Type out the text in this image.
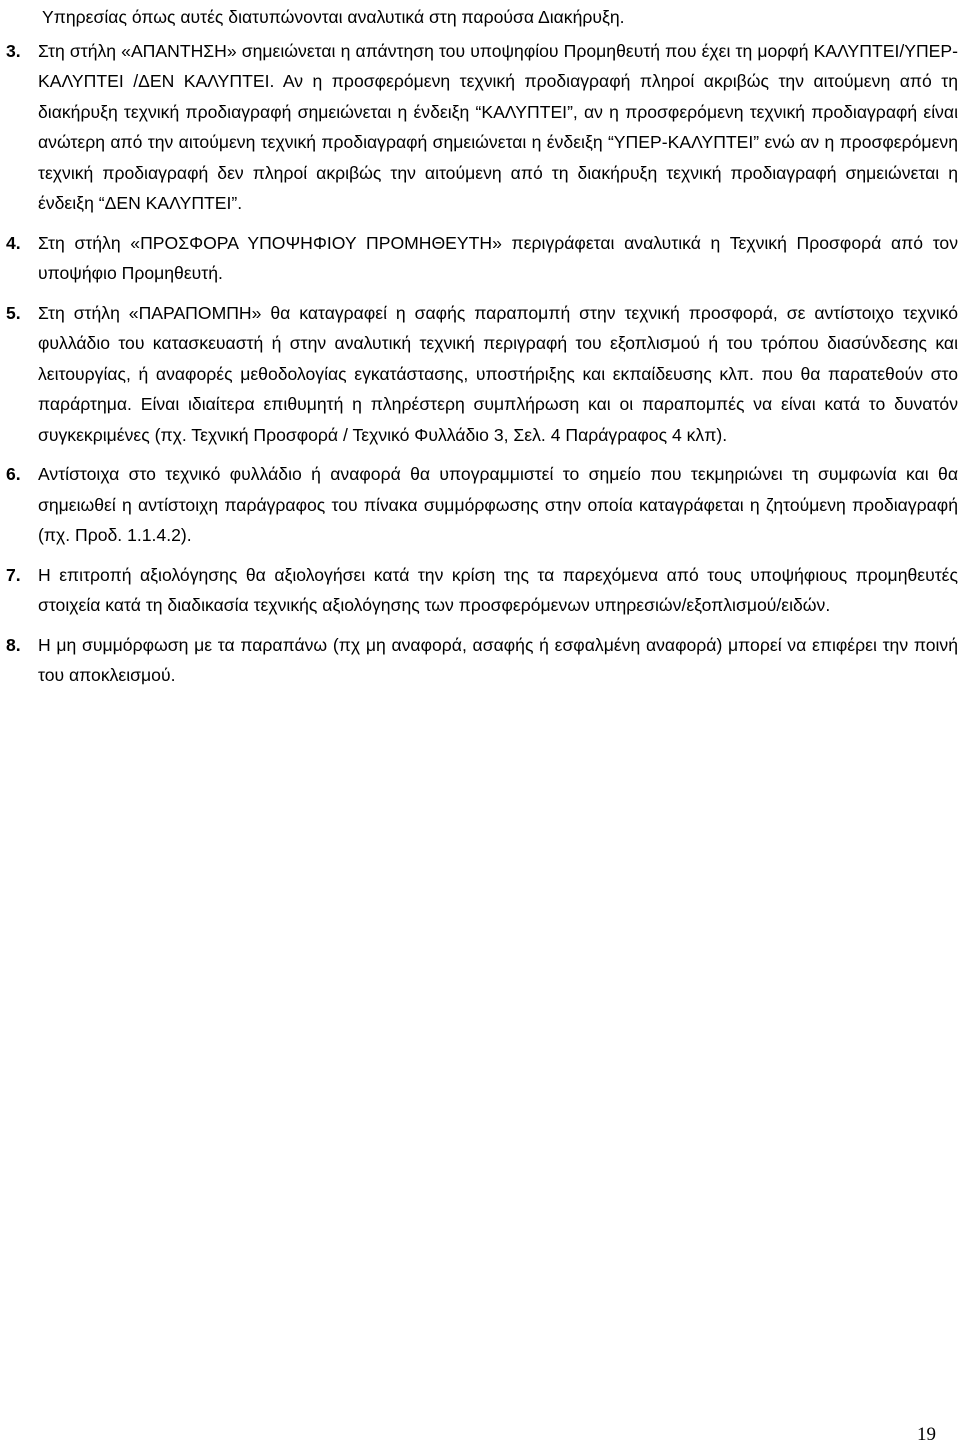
Υπηρεσίας όπως αυτές διατυπώνονται αναλυτικά στη παρούσα Διακήρυξη.

3. Στη στήλη «ΑΠΑΝΤΗΣΗ» σημειώνεται η απάντηση του υποψηφίου Προμηθευτή που έχει τη μορφή ΚΑΛΥΠΤΕΙ/ΥΠΕΡ-ΚΑΛΥΠΤΕΙ /ΔΕΝ ΚΑΛΥΠΤΕΙ. Αν η προσφερόμενη τεχνική προδιαγραφή πληροί ακριβώς την αιτούμενη από τη διακήρυξη τεχνική προδιαγραφή σημειώνεται η ένδειξη “ΚΑΛΥΠΤΕΙ”, αν η προσφερόμενη τεχνική προδιαγραφή είναι ανώτερη από την αιτούμενη τεχνική προδιαγραφή σημειώνεται η ένδειξη “ΥΠΕΡ-ΚΑΛΥΠΤΕΙ” ενώ αν η προσφερόμενη τεχνική προδιαγραφή δεν πληροί ακριβώς την αιτούμενη από τη διακήρυξη τεχνική προδιαγραφή σημειώνεται η ένδειξη “ΔΕΝ ΚΑΛΥΠΤΕΙ”.
4. Στη στήλη «ΠΡΟΣΦΟΡΑ ΥΠΟΨΗΦΙΟΥ ΠΡΟΜΗΘΕΥΤΗ» περιγράφεται αναλυτικά η Τεχνική Προσφορά από τον υποψήφιο Προμηθευτή.
5. Στη στήλη «ΠΑΡΑΠΟΜΠΗ» θα καταγραφεί η σαφής παραπομπή στην τεχνική προσφορά, σε αντίστοιχο τεχνικό φυλλάδιο του κατασκευαστή ή στην αναλυτική τεχνική περιγραφή του εξοπλισμού ή του τρόπου διασύνδεσης και λειτουργίας, ή αναφορές μεθοδολογίας εγκατάστασης, υποστήριξης και εκπαίδευσης κλπ. που θα παρατεθούν στο παράρτημα. Είναι ιδιαίτερα επιθυμητή η πληρέστερη συμπλήρωση και οι παραπομπές να είναι κατά το δυνατόν συγκεκριμένες (πχ. Τεχνική Προσφορά / Τεχνικό Φυλλάδιο 3, Σελ. 4 Παράγραφος 4 κλπ).
6. Αντίστοιχα στο τεχνικό φυλλάδιο ή αναφορά θα υπογραμμιστεί το σημείο που τεκμηριώνει τη συμφωνία και θα σημειωθεί η αντίστοιχη παράγραφος του πίνακα συμμόρφωσης στην οποία καταγράφεται η ζητούμενη προδιαγραφή (πχ. Προδ. 1.1.4.2).
7. Η επιτροπή αξιολόγησης θα αξιολογήσει κατά την κρίση της τα παρεχόμενα από τους υποψήφιους προμηθευτές στοιχεία κατά τη διαδικασία τεχνικής αξιολόγησης των προσφερόμενων υπηρεσιών/εξοπλισμού/ειδών.
8. Η μη συμμόρφωση με τα παραπάνω (πχ μη αναφορά, ασαφής ή εσφαλμένη αναφορά) μπορεί να επιφέρει την ποινή του αποκλεισμού.
19
